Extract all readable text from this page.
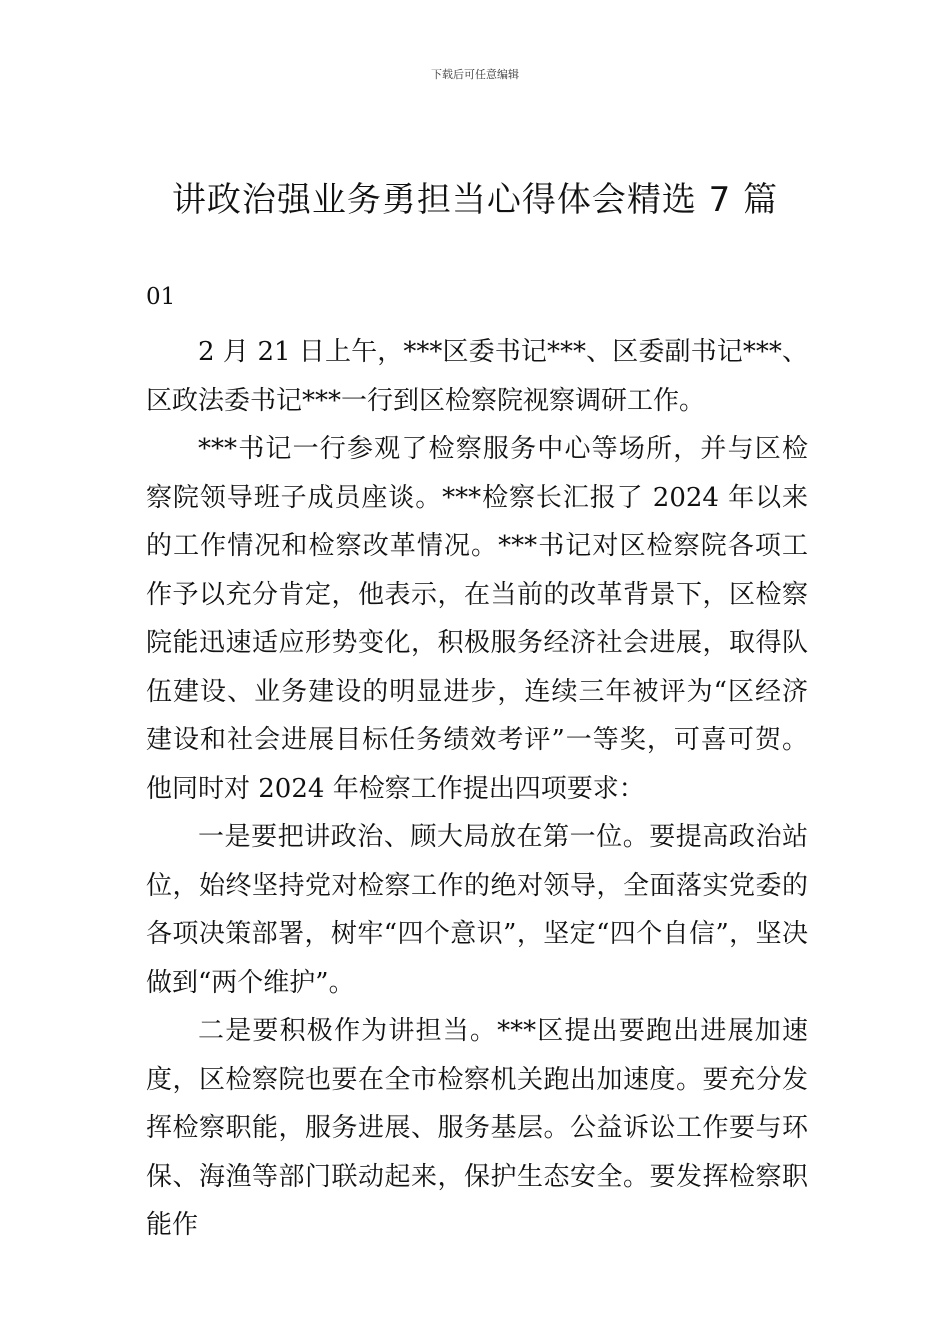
下载后可任意编辑
讲政治强业务勇担当心得体会精选 7 篇
01

2 月 21 日上午，***区委书记***、区委副书记***、区政法委书记***一行到区检察院视察调研工作。

***书记一行参观了检察服务中心等场所，并与区检察院领导班子成员座谈。***检察长汇报了 2024 年以来的工作情况和检察改革情况。***书记对区检察院各项工作予以充分肯定，他表示，在当前的改革背景下，区检察院能迅速适应形势变化，积极服务经济社会进展，取得队伍建设、业务建设的明显进步，连续三年被评为“区经济建设和社会进展目标任务绩效考评”一等奖，可喜可贺。他同时对 2024 年检察工作提出四项要求：

一是要把讲政治、顾大局放在第一位。要提高政治站位，始终坚持党对检察工作的绝对领导，全面落实党委的各项决策部署，树牢“四个意识”，坚定“四个自信”，坚决做到“两个维护”。

二是要积极作为讲担当。***区提出要跑出进展加速度，区检察院也要在全市检察机关跑出加速度。要充分发挥检察职能，服务进展、服务基层。公益诉讼工作要与环保、海渔等部门联动起来，保护生态安全。要发挥检察职能作
